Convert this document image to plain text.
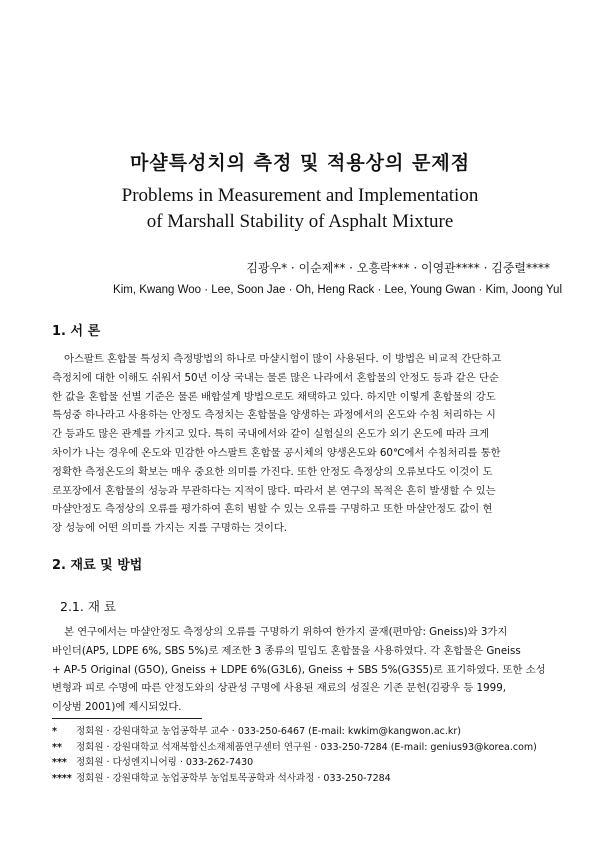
마샬특성치의 측정 및 적용상의 문제점
Problems in Measurement and Implementation
of Marshall Stability of Asphalt Mixture
김광우* · 이순제** · 오흥락*** · 이영관**** · 김중렬****
Kim, Kwang Woo · Lee, Soon Jae · Oh, Heng Rack · Lee, Young Gwan · Kim, Joong Yul
1. 서 론

아스팔트 혼합물 특성치 측정방법의 하나로 마샬시험이 많이 사용된다. 이 방법은 비교적 간단하고
측정치에 대한 이해도 쉬워서 50년 이상 국내는 물론 많은 나라에서 혼합물의 안정도 등과 같은 단순
한 값을 혼합물 선별 기준은 물론 배합설계 방법으로도 채택하고 있다. 하지만 이렇게 혼합물의 강도
특성중 하나라고 사용하는 안정도 측정치는 혼합물을 양생하는 과정에서의 온도와 수침 처리하는 시
간 등과도 많은 관계를 가지고 있다. 특히 국내에서와 같이 실험실의 온도가 외기 온도에 따라 크게
차이가 나는 경우에 온도와 민감한 아스팔트 혼합물 공시체의 양생온도와 60℃에서 수침처리를 통한
정확한 측정온도의 확보는 매우 중요한 의미를 가진다. 또한 안정도 측정상의 오류보다도 이것이 도
로포장에서 혼합물의 성능과 무관하다는 지적이 많다. 따라서 본 연구의 목적은 흔히 발생할 수 있는
마샬안정도 측정상의 오류를 평가하여 흔히 범할 수 있는 오류를 구명하고 또한 마샬안정도 값이 현
장 성능에 어떤 의미를 가지는 지를 구명하는 것이다.

2. 재료 및 방법
2.1. 재 료

본 연구에서는 마샬안정도 측정상의 오류를 구명하기 위하여 한가지 골재(편마암: Gneiss)와 3가지
바인더(AP5, LDPE 6%, SBS 5%)로 제조한 3 종류의 밀입도 혼합물을 사용하였다. 각 혼합물은 Gneiss
+ AP-5 Original (G5O), Gneiss + LDPE 6%(G3L6), Gneiss + SBS 5%(G3S5)로 표기하였다. 또한 소성
변형과 피로 수명에 따른 안정도와의 상관성 구명에 사용된 재료의 성질은 기존 문헌(김광우 등 1999,
이상범 2001)에 제시되었다.

*	정회원 · 강원대학교 농업공학부 교수 · 033-250-6467 (E-mail: kwkim@kangwon.ac.kr)
**	정회원 · 강원대학교 석재복합신소재제품연구센터 연구원 · 033-250-7284 (E-mail: genius93@korea.com)
*** 정회원 · 다성엔지니어링 · 033-262-7430
**** 정회원 · 강원대학교 농업공학부 농업토목공학과 석사과정 · 033-250-7284
